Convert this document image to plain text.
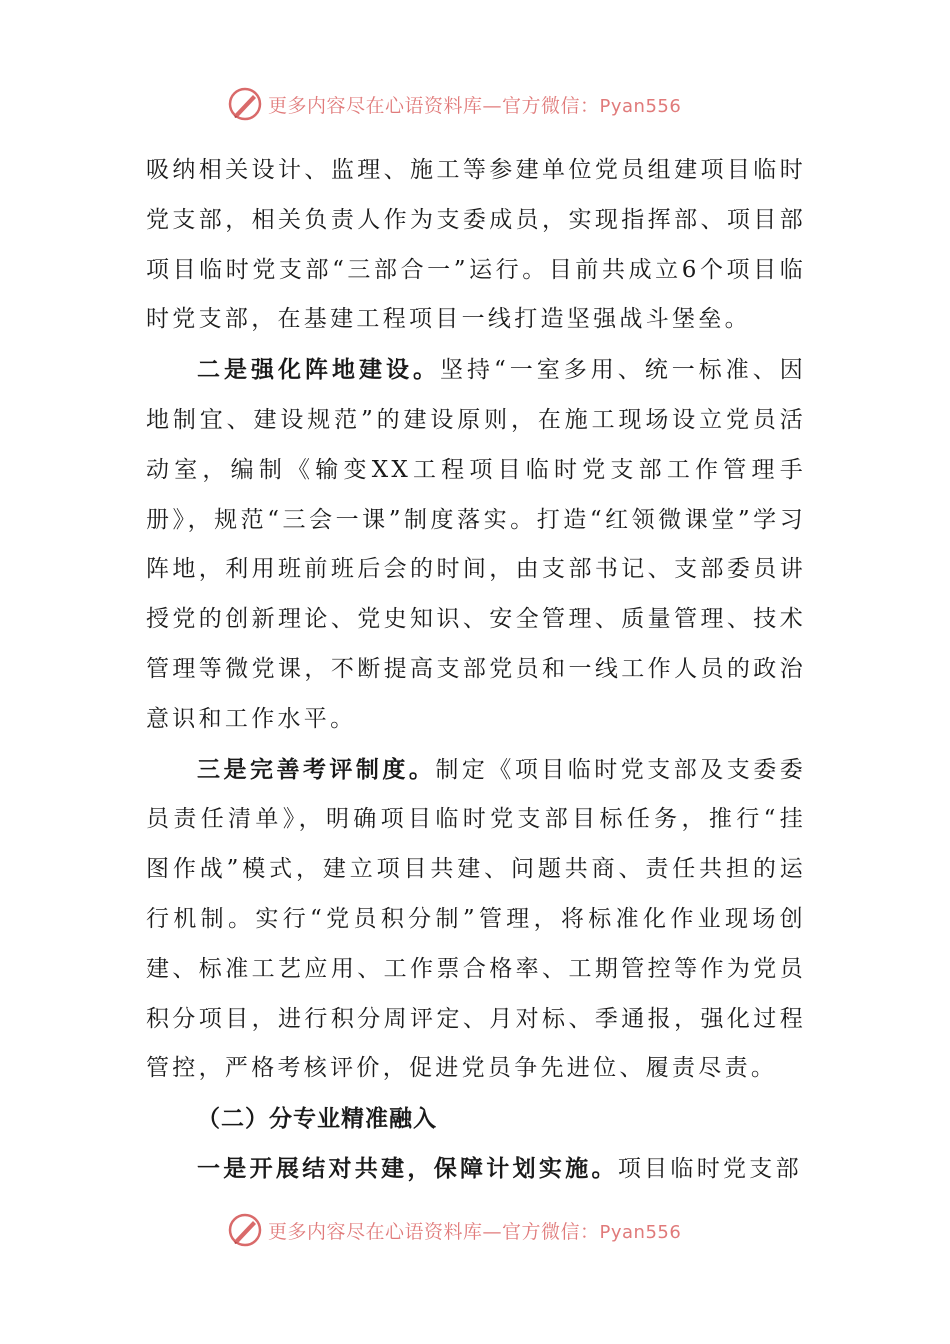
更多内容尽在心语资料库—官方微信：Pyan556

吸纳相关设计、监理、施工等参建单位党员组建项目临时党支部，相关负责人作为支委成员，实现指挥部、项目部项目临时党支部“三部合一”运行。目前共成立6个项目临时党支部，在基建工程项目一线打造坚强战斗堡垒。

二是强化阵地建设。坚持“一室多用、统一标准、因地制宜、建设规范”的建设原则，在施工现场设立党员活动室，编制《输变XX工程项目临时党支部工作管理手册》，规范“三会一课”制度落实。打造“红领微课堂”学习阵地，利用班前班后会的时间，由支部书记、支部委员讲授党的创新理论、党史知识、安全管理、质量管理、技术管理等微党课，不断提高支部党员和一线工作人员的政治意识和工作水平。

三是完善考评制度。制定《项目临时党支部及支委委员责任清单》，明确项目临时党支部目标任务，推行“挂图作战”模式，建立项目共建、问题共商、责任共担的运行机制。实行“党员积分制”管理，将标准化作业现场创建、标准工艺应用、工作票合格率、工期管控等作为党员积分项目，进行积分周评定、月对标、季通报，强化过程管控，严格考核评价，促进党员争先进位、履责尽责。

（二）分专业精准融入

一是开展结对共建，保障计划实施。项目临时党支部

更多内容尽在心语资料库—官方微信：Pyan556
